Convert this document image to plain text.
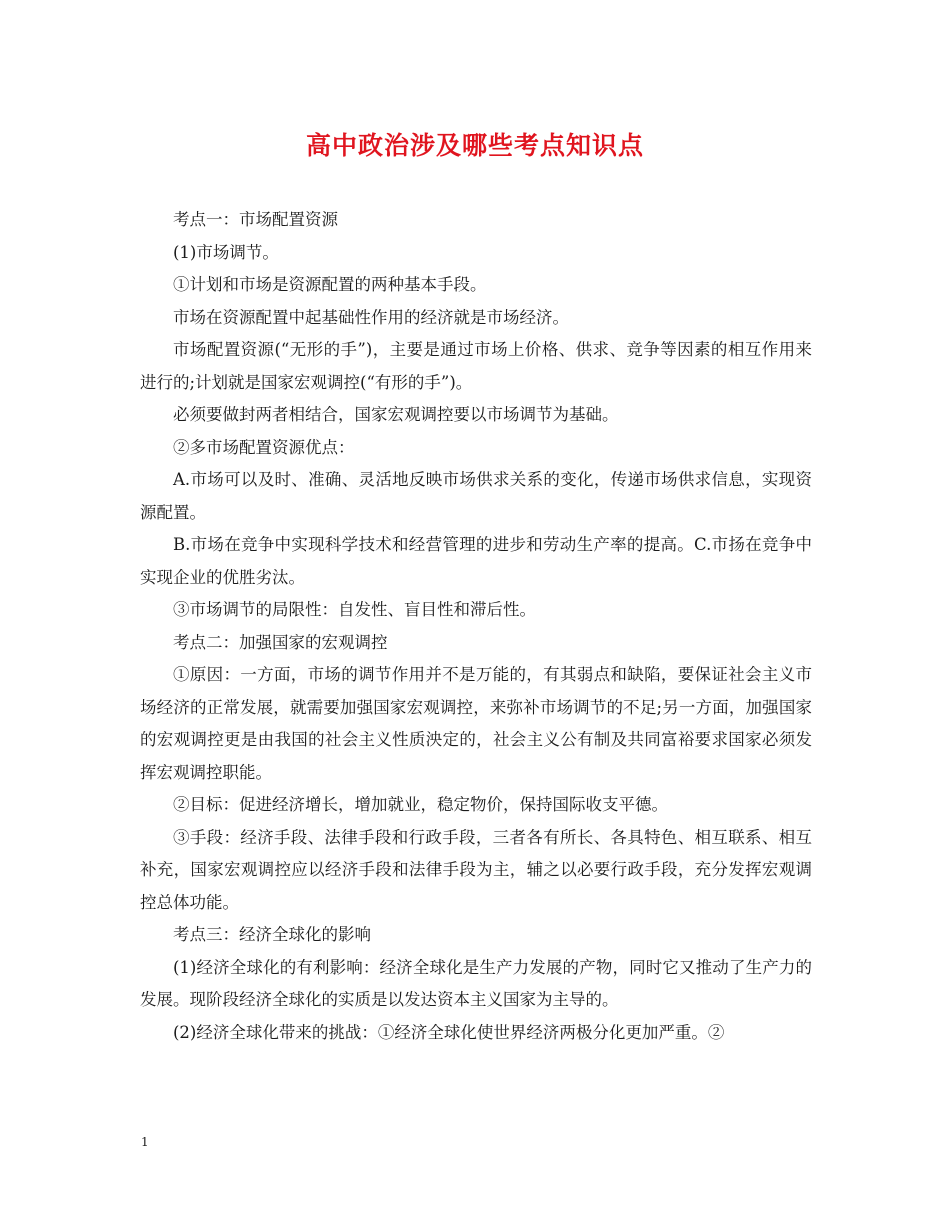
高中政治涉及哪些考点知识点

考点一：市场配置资源

(1)市场调节。

①计划和市场是资源配置的两种基本手段。

市场在资源配置中起基础性作用的经济就是市场经济。

市场配置资源(“无形的手”)，主要是通过市场上价格、供求、竞争等因素的相互作用来进行的;计划就是国家宏观调控(“有形的手”)。

必须要做封两者相结合，国家宏观调控要以市场调节为基础。

②多市场配置资源优点：

A.市场可以及时、准确、灵活地反映市场供求关系的变化，传递市场供求信息，实现资源配置。

B.市场在竞争中实现科学技术和经营管理的进步和劳动生产率的提高。C.市扬在竞争中实现企业的优胜劣汰。

③市场调节的局限性：自发性、盲目性和滞后性。

考点二：加强国家的宏观调控

①原因：一方面，市场的调节作用并不是万能的，有其弱点和缺陷，要保证社会主义市场经济的正常发展，就需要加强国家宏观调控，来弥补市场调节的不足;另一方面，加强国家的宏观调控更是由我国的社会主义性质泱定的，社会主义公有制及共同富裕要求国家必须发挥宏观调控职能。

②目标：促进经济增长，增加就业，稳定物价，保持国际收支平德。

③手段：经济手段、法律手段和行政手段，三者各有所长、各具特色、相互联系、相互补充，国家宏观调控应以经济手段和法律手段为主，辅之以必要行政手段，充分发挥宏观调控总体功能。

考点三：经济全球化的影响

(1)经济全球化的有利影响：经济全球化是生产力发展的产物，同时它又推动了生产力的发展。现阶段经济全球化的实质是以发达资本主义国家为主导的。

(2)经济全球化带来的挑战：①经济全球化使世界经济两极分化更加严重。②

1
